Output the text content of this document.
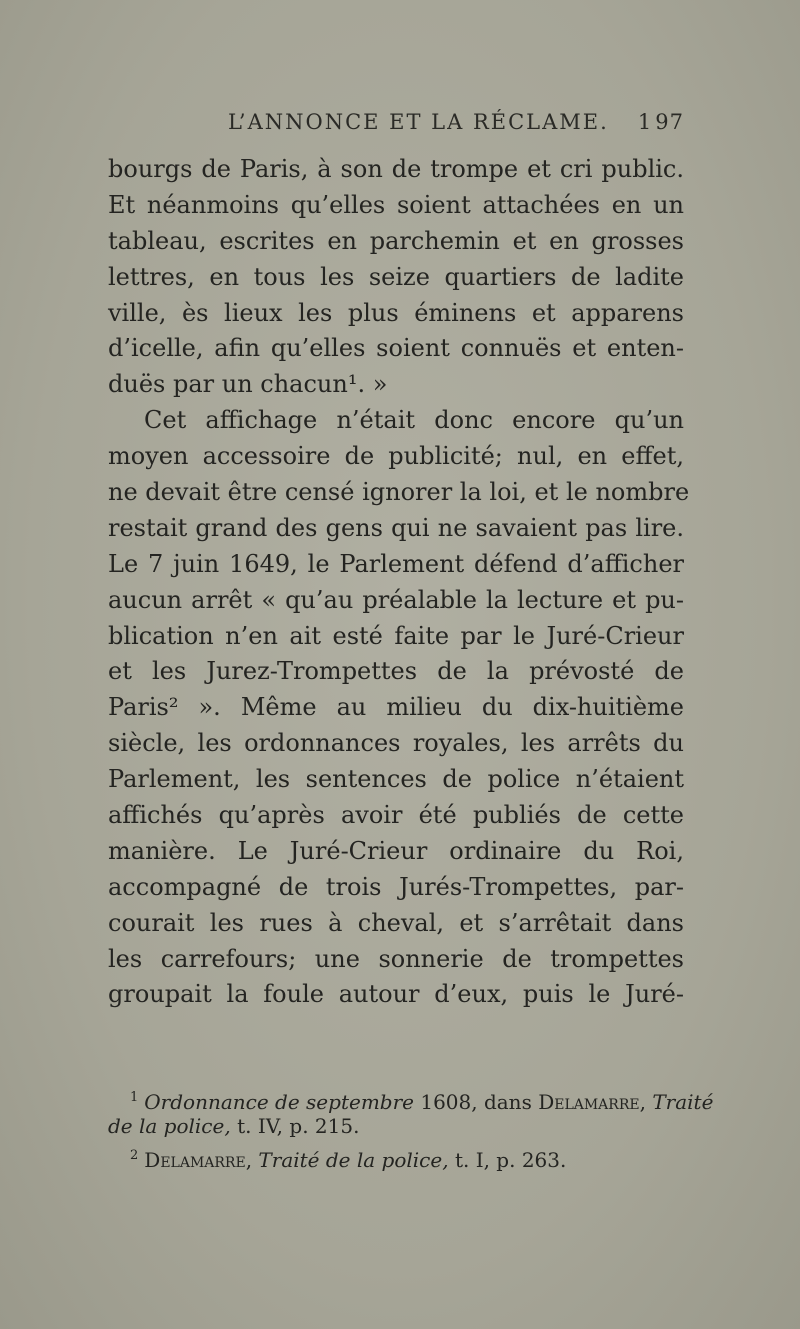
L’ANNONCE ET LA RÉCLAME. 1 97
bourgs de Paris, à son de trompe et cri public.
Et néanmoins qu’elles soient attachées en un
tableau, escrites en parchemin et en grosses
lettres, en tous les seize quartiers de ladite
ville, ès lieux les plus éminens et apparens
d’icelle, afin qu’elles soient connuës et enten-
duës par un chacun¹. »
Cet affichage n’était donc encore qu’un
moyen accessoire de publicité; nul, en effet,
ne devait être censé ignorer la loi, et le nombre
restait grand des gens qui ne savaient pas lire.
Le 7 juin 1649, le Parlement défend d’afficher
aucun arrêt « qu’au préalable la lecture et pu-
blication n’en ait esté faite par le Juré-Crieur
et les Jurez-Trompettes de la prévosté de
Paris² ». Même au milieu du dix-huitième
siècle, les ordonnances royales, les arrêts du
Parlement, les sentences de police n’étaient
affichés qu’après avoir été publiés de cette
manière. Le Juré-Crieur ordinaire du Roi,
accompagné de trois Jurés-Trompettes, par-
courait les rues à cheval, et s’arrêtait dans
les carrefours; une sonnerie de trompettes
groupait la foule autour d’eux, puis le Juré-
$^1$ Ordonnance de septembre 1608, dans Delamarre, Traité
de la police, t. IV, p. 215.
$^2$ Delamarre, Traité de la police, t. I, p. 263.
